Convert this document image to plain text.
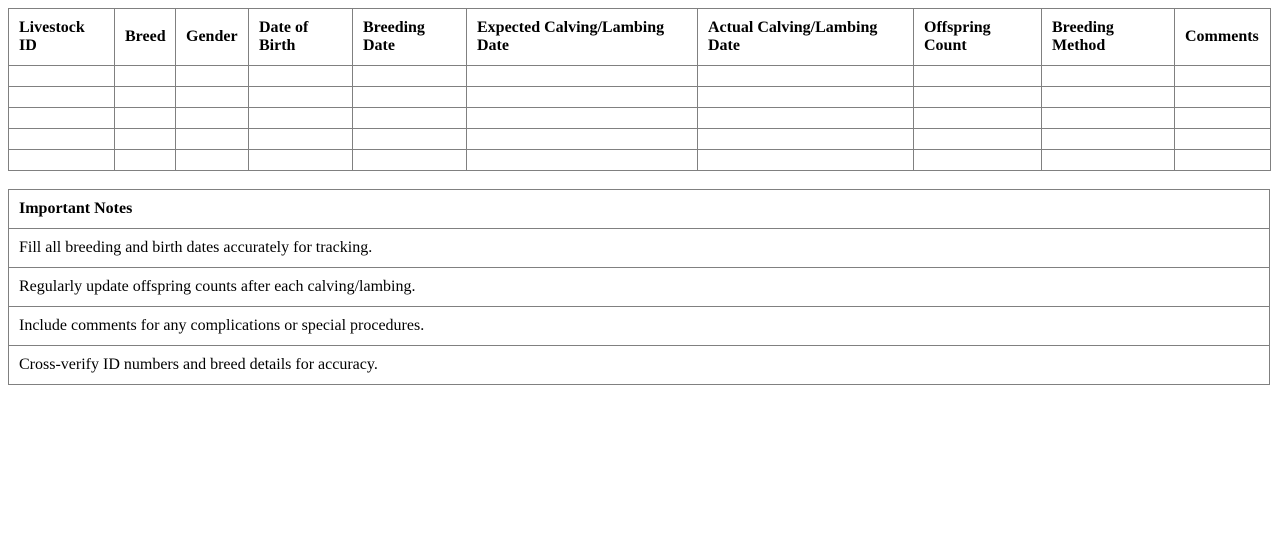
Livestock ID	Breed	Gender	Date of Birth	Breeding Date	Expected Calving/Lambing Date	Actual Calving/Lambing Date	Offspring Count	Breeding Method	Comments

Important Notes
Fill all breeding and birth dates accurately for tracking.
Regularly update offspring counts after each calving/lambing.
Include comments for any complications or special procedures.
Cross-verify ID numbers and breed details for accuracy.
